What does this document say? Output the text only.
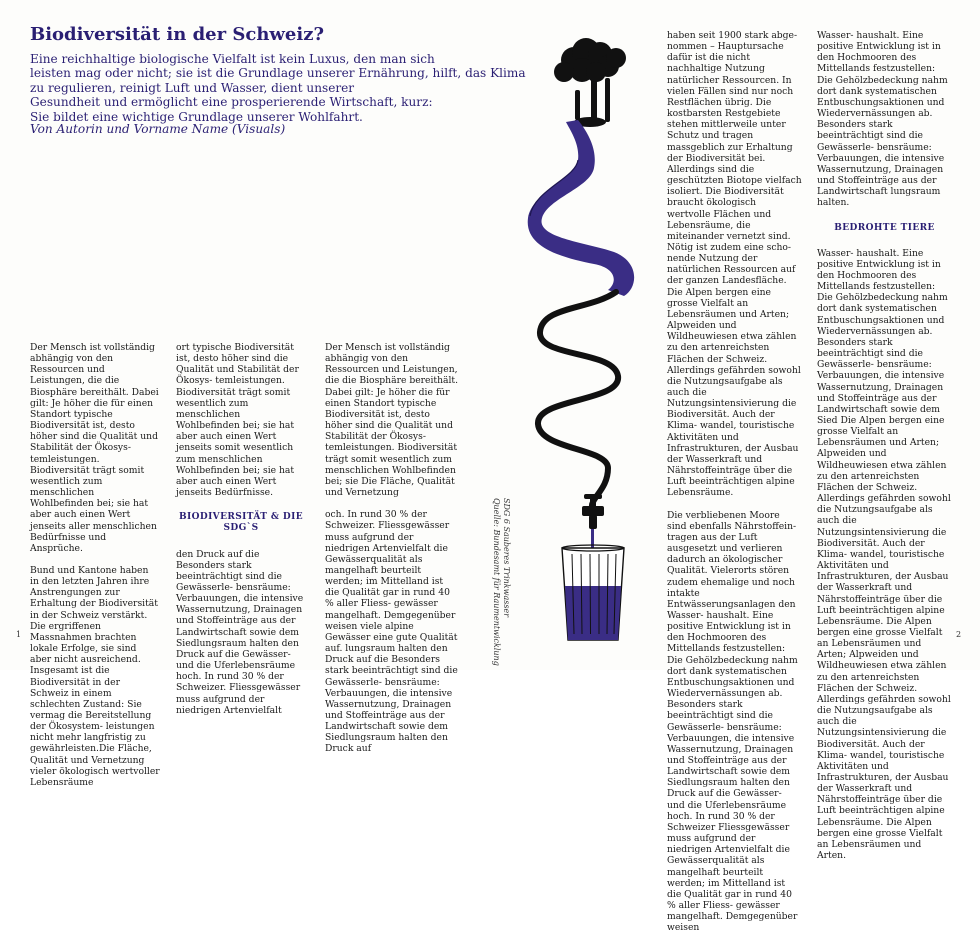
Biodiversität in der Schweiz?

Eine reichhaltige biologische Vielfalt ist kein Luxus, den man sich
leisten mag oder nicht; sie ist die Grundlage unserer Ernährung, hilft, das Klima
zu regulieren, reinigt Luft und Wasser, dient unserer
Gesundheit und ermöglicht eine prosperierende Wirtschaft, kurz:
Sie bildet eine wichtige Grundlage unserer Wohlfahrt.

Von Autorin und Vorname Name (Visuals)

Der Mensch ist vollständig abhängig von den Ressourcen und Leistungen, die die Biosphäre bereithält. Dabei gilt: Je höher die für einen Standort typische Biodiversität ist, desto höher sind die Qualität und Stabilität der Ökosys- temleistungen. Biodiversität trägt somit wesentlich zum menschlichen Wohlbefinden bei; sie hat aber auch einen Wert jenseits aller menschlichen Bedürfnisse und Ansprüche.

Bund und Kantone haben in den letzten Jahren ihre Anstrengungen zur Erhaltung der Biodiversität in der Schweiz verstärkt. Die ergriffenen Massnahmen brachten lokale Erfolge, sie sind aber nicht ausreichend. Insgesamt ist die Biodiversität in der Schweiz in einem schlechten Zustand: Sie vermag die Bereitstellung der Ökosystem- leistungen nicht mehr langfristig zu gewährleisten.Die Fläche, Qualität und Vernetzung vieler ökologisch wertvoller Lebensräume

ort typische Biodiversität ist, desto höher sind die Qualität und Stabilität der Ökosys- temleistungen. Biodiversität trägt somit wesentlich zum menschlichen Wohlbefinden bei; sie hat aber auch einen Wert jenseits somit wesentlich zum menschlichen Wohlbefinden bei; sie hat aber auch einen Wert jenseits Bedürfnisse.

BIODIVERSITÄT & DIE SDG`S

den Druck auf die Besonders stark beeinträchtigt sind die Gewässerle- bensräume: Verbauungen, die intensive Wassernutzung, Drainagen und Stoffeinträge aus der Landwirtschaft sowie dem Siedlungsraum halten den Druck auf die Gewässer- und die Uferlebensräume hoch. In rund 30 % der Schweizer. Fliessgewässer muss aufgrund der niedrigen Artenvielfalt

Der Mensch ist vollständig abhängig von den Ressourcen und Leistungen, die die Biosphäre bereithält. Dabei gilt: Je höher die für einen Standort typische Biodiversität ist, desto höher sind die Qualität und Stabilität der Ökosys- temleistungen. Biodiversität trägt somit wesentlich zum menschlichen Wohlbefinden bei; sie Die Fläche, Qualität und Vernetzung

och. In rund 30 % der Schweizer. Fliessgewässer muss aufgrund der niedrigen Artenvielfalt die Gewässerqualität als mangelhaft beurteilt werden; im Mittelland ist die Qualität gar in rund 40 % aller Fliess- gewässer mangelhaft. Demgegenüber weisen viele alpine Gewässer eine gute Qualität auf. lungsraum halten den Druck auf die Besonders stark beeinträchtigt sind die Gewässerle- bensräume: Verbauungen, die intensive Wassernutzung, Drainagen und Stoffeinträge aus der Landwirtschaft sowie dem Siedlungsraum halten den Druck auf

haben seit 1900 stark abge- nommen – Hauptursache dafür ist die nicht nachhaltige Nutzung natürlicher Ressourcen. In vielen Fällen sind nur noch Restflächen übrig. Die kostbarsten Restgebiete stehen mittlerweile unter Schutz und tragen massgeblich zur Erhaltung der Biodiversität bei. Allerdings sind die geschützten Biotope vielfach isoliert. Die Biodiversität braucht ökologisch wertvolle Flächen und Lebensräume, die miteinander vernetzt sind. Nötig ist zudem eine scho- nende Nutzung der natürlichen Ressourcen auf der ganzen Landesfläche. Die Alpen bergen eine grosse Vielfalt an Lebensräumen und Arten; Alpweiden und Wildheuwiesen etwa zählen zu den artenreichsten Flächen der Schweiz. Allerdings gefährden sowohl die Nutzungsaufgabe als auch die Nutzungsintensivierung die Biodiversität. Auch der Klima- wandel, touristische Aktivitäten und Infrastrukturen, der Ausbau der Wasserkraft und Nährstoffeinträge über die Luft beeinträchtigen alpine Lebensräume.

Die verbliebenen Moore sind ebenfalls Nährstoffein- tragen aus der Luft ausgesetzt und verlieren dadurch an ökologischer Qualität. Vielerorts stören zudem ehemalige und noch intakte Entwässerungsanlagen den Wasser- haushalt. Eine positive Entwicklung ist in den Hochmooren des Mittellands festzustellen: Die Gehölzbedeckung nahm dort dank systematischen Entbuschungsaktionen und Wiedervernässungen ab. Besonders stark beeinträchtigt sind die Gewässerle- bensräume: Verbauungen, die intensive Wassernutzung, Drainagen und Stoffeinträge aus der Landwirtschaft sowie dem Siedlungsraum halten den Druck auf die Gewässer- und die Uferlebensräume hoch. In rund 30 % der Schweizer Fliessgewässer muss aufgrund der niedrigen Artenvielfalt die Gewässerqualität als mangelhaft beurteilt werden; im Mittelland ist die Qualität gar in rund 40 % aller Fliess- gewässer mangelhaft. Demgegenüber weisen

Wasser- haushalt. Eine positive Entwicklung ist in den Hochmooren des Mittellands festzustellen: Die Gehölzbedeckung nahm dort dank systematischen Entbuschungsaktionen und Wiedervernässungen ab. Besonders stark beeinträchtigt sind die Gewässerle- bensräume: Verbauungen, die intensive Wassernutzung, Drainagen und Stoffeinträge aus der Landwirtschaft lungsraum halten.

BEDROHTE TIERE

Wasser- haushalt. Eine positive Entwicklung ist in den Hochmooren des Mittellands festzustellen: Die Gehölzbedeckung nahm dort dank systematischen Entbuschungsaktionen und Wiedervernässungen ab. Besonders stark beeinträchtigt sind die Gewässerle- bensräume: Verbauungen, die intensive Wassernutzung, Drainagen und Stoffeinträge aus der Landwirtschaft sowie dem Sied Die Alpen bergen eine grosse Vielfalt an Lebensräumen und Arten; Alpweiden und Wildheuwiesen etwa zählen zu den artenreichsten Flächen der Schweiz. Allerdings gefährden sowohl die Nutzungsaufgabe als auch die Nutzungsintensivierung die Biodiversität. Auch der Klima- wandel, touristische Aktivitäten und Infrastrukturen, der Ausbau der Wasserkraft und Nährstoffeinträge über die Luft beeinträchtigen alpine Lebensräume. Die Alpen bergen eine grosse Vielfalt an Lebensräumen und Arten; Alpweiden und Wildheuwiesen etwa zählen zu den artenreichsten Flächen der Schweiz. Allerdings gefährden sowohl die Nutzungsaufgabe als auch die Nutzungsintensivierung die Biodiversität. Auch der Klima- wandel, touristische Aktivitäten und Infrastrukturen, der Ausbau der Wasserkraft und Nährstoffeinträge über die Luft beeinträchtigen alpine Lebensräume. Die Alpen bergen eine grosse Vielfalt an Lebensräumen und Arten.

SDG 6 Sauberes Trinkwasser
Quelle: Bundesamt für Raumentwicklung
1	2
